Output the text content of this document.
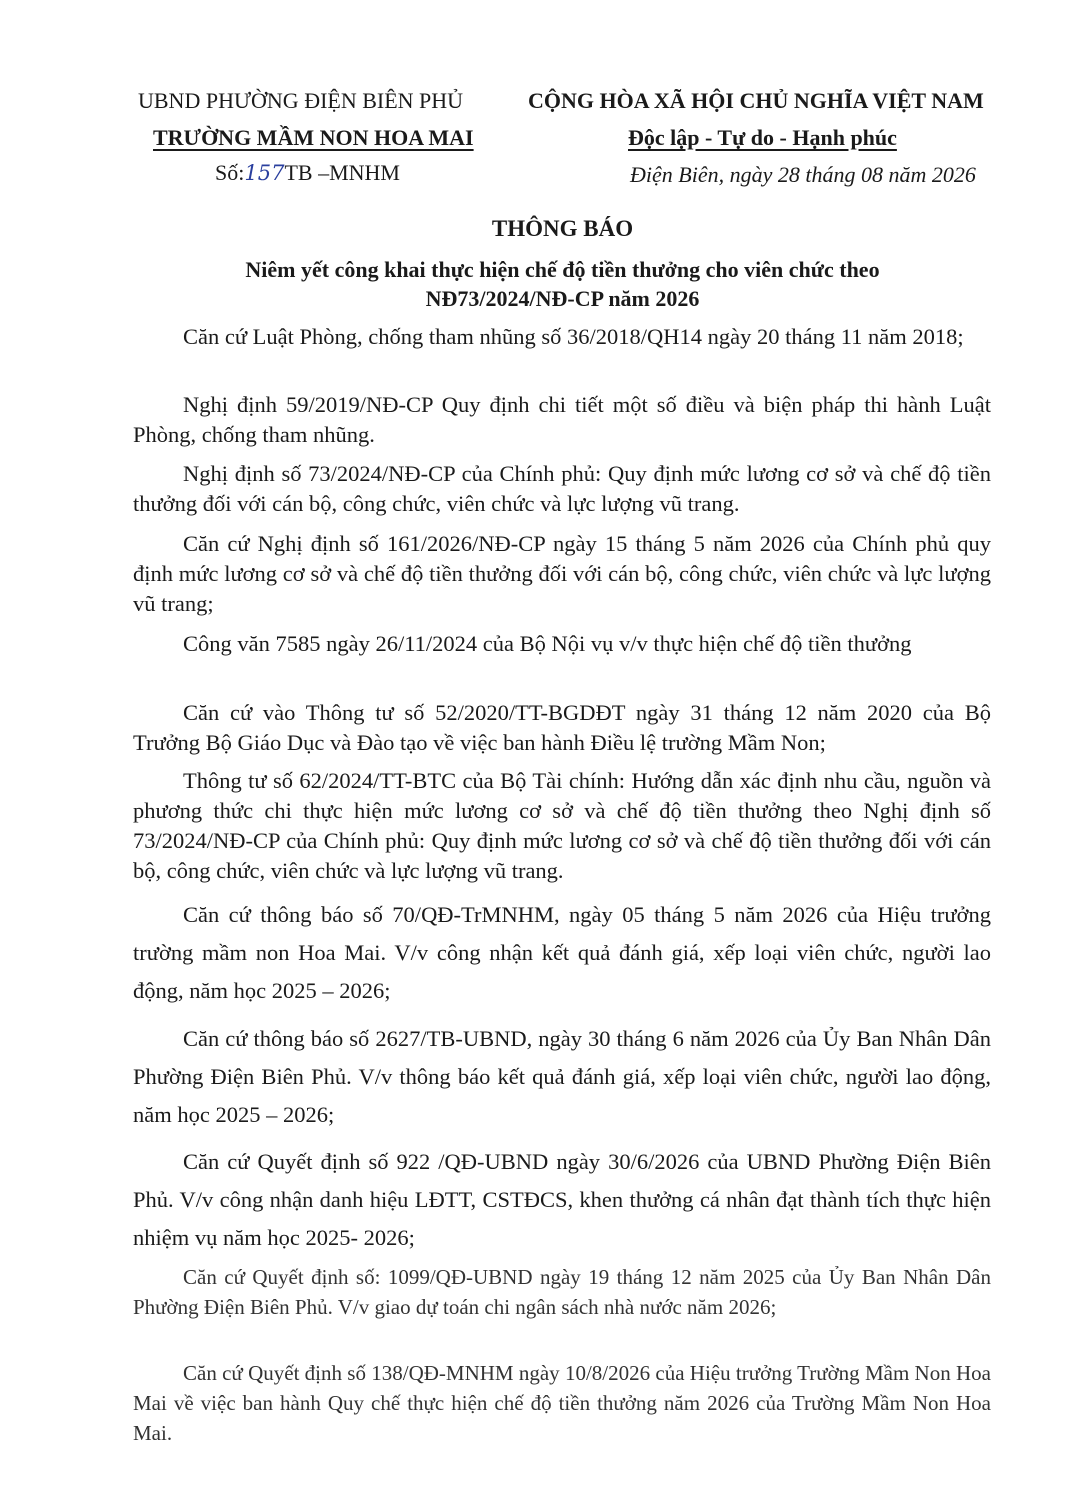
UBND PHƯỜNG ĐIỆN BIÊN PHỦ
TRƯỜNG MẦM NON HOA MAI
Số:157TB –MNHM
CỘNG HÒA XÃ HỘI CHỦ NGHĨA VIỆT NAM
Độc lập - Tự do - Hạnh phúc
Điện Biên, ngày 28 tháng 08 năm 2026
THÔNG BÁO
Niêm yết công khai thực hiện chế độ tiền thưởng cho viên chức theo
NĐ73/2024/NĐ-CP năm 2026

Căn cứ Luật Phòng, chống tham nhũng số 36/2018/QH14 ngày 20 tháng 11 năm 2018;

Nghị định 59/2019/NĐ-CP Quy định chi tiết một số điều và biện pháp thi hành Luật Phòng, chống tham nhũng.

Nghị định số 73/2024/NĐ-CP của Chính phủ: Quy định mức lương cơ sở và chế độ tiền thưởng đối với cán bộ, công chức, viên chức và lực lượng vũ trang.

Căn cứ Nghị định số 161/2026/NĐ-CP ngày 15 tháng 5 năm 2026 của Chính phủ quy định mức lương cơ sở và chế độ tiền thưởng đối với cán bộ, công chức, viên chức và lực lượng vũ trang;

Công văn 7585 ngày 26/11/2024 của Bộ Nội vụ v/v thực hiện chế độ tiền thưởng

Căn cứ vào Thông tư số 52/2020/TT-BGDĐT ngày 31 tháng 12 năm 2020 của Bộ Trưởng Bộ Giáo Dục và Đào tạo về việc ban hành Điều lệ trường Mầm Non;

Thông tư số 62/2024/TT-BTC của Bộ Tài chính: Hướng dẫn xác định nhu cầu, nguồn và phương thức chi thực hiện mức lương cơ sở và chế độ tiền thưởng theo Nghị định số 73/2024/NĐ-CP của Chính phủ: Quy định mức lương cơ sở và chế độ tiền thưởng đối với cán bộ, công chức, viên chức và lực lượng vũ trang.

Căn cứ thông báo số 70/QĐ-TrMNHM, ngày 05 tháng 5 năm 2026 của Hiệu trưởng trường mầm non Hoa Mai. V/v công nhận kết quả đánh giá, xếp loại viên chức, người lao động, năm học 2025 – 2026;

Căn cứ thông báo số 2627/TB-UBND, ngày 30 tháng 6 năm 2026 của Ủy Ban Nhân Dân Phường Điện Biên Phủ. V/v thông báo kết quả đánh giá, xếp loại viên chức, người lao động, năm học 2025 – 2026;

Căn cứ Quyết định số 922 /QĐ-UBND ngày 30/6/2026 của UBND Phường Điện Biên Phủ. V/v công nhận danh hiệu LĐTT, CSTĐCS, khen thưởng cá nhân đạt thành tích thực hiện nhiệm vụ năm học 2025- 2026;

Căn cứ Quyết định số: 1099/QĐ-UBND ngày 19 tháng 12 năm 2025 của Ủy Ban Nhân Dân Phường Điện Biên Phủ. V/v giao dự toán chi ngân sách nhà nước năm 2026;

Căn cứ Quyết định số 138/QĐ-MNHM ngày 10/8/2026 của Hiệu trưởng Trường Mầm Non Hoa Mai về việc ban hành Quy chế thực hiện chế độ tiền thưởng năm 2026 của Trường Mầm Non Hoa Mai.
